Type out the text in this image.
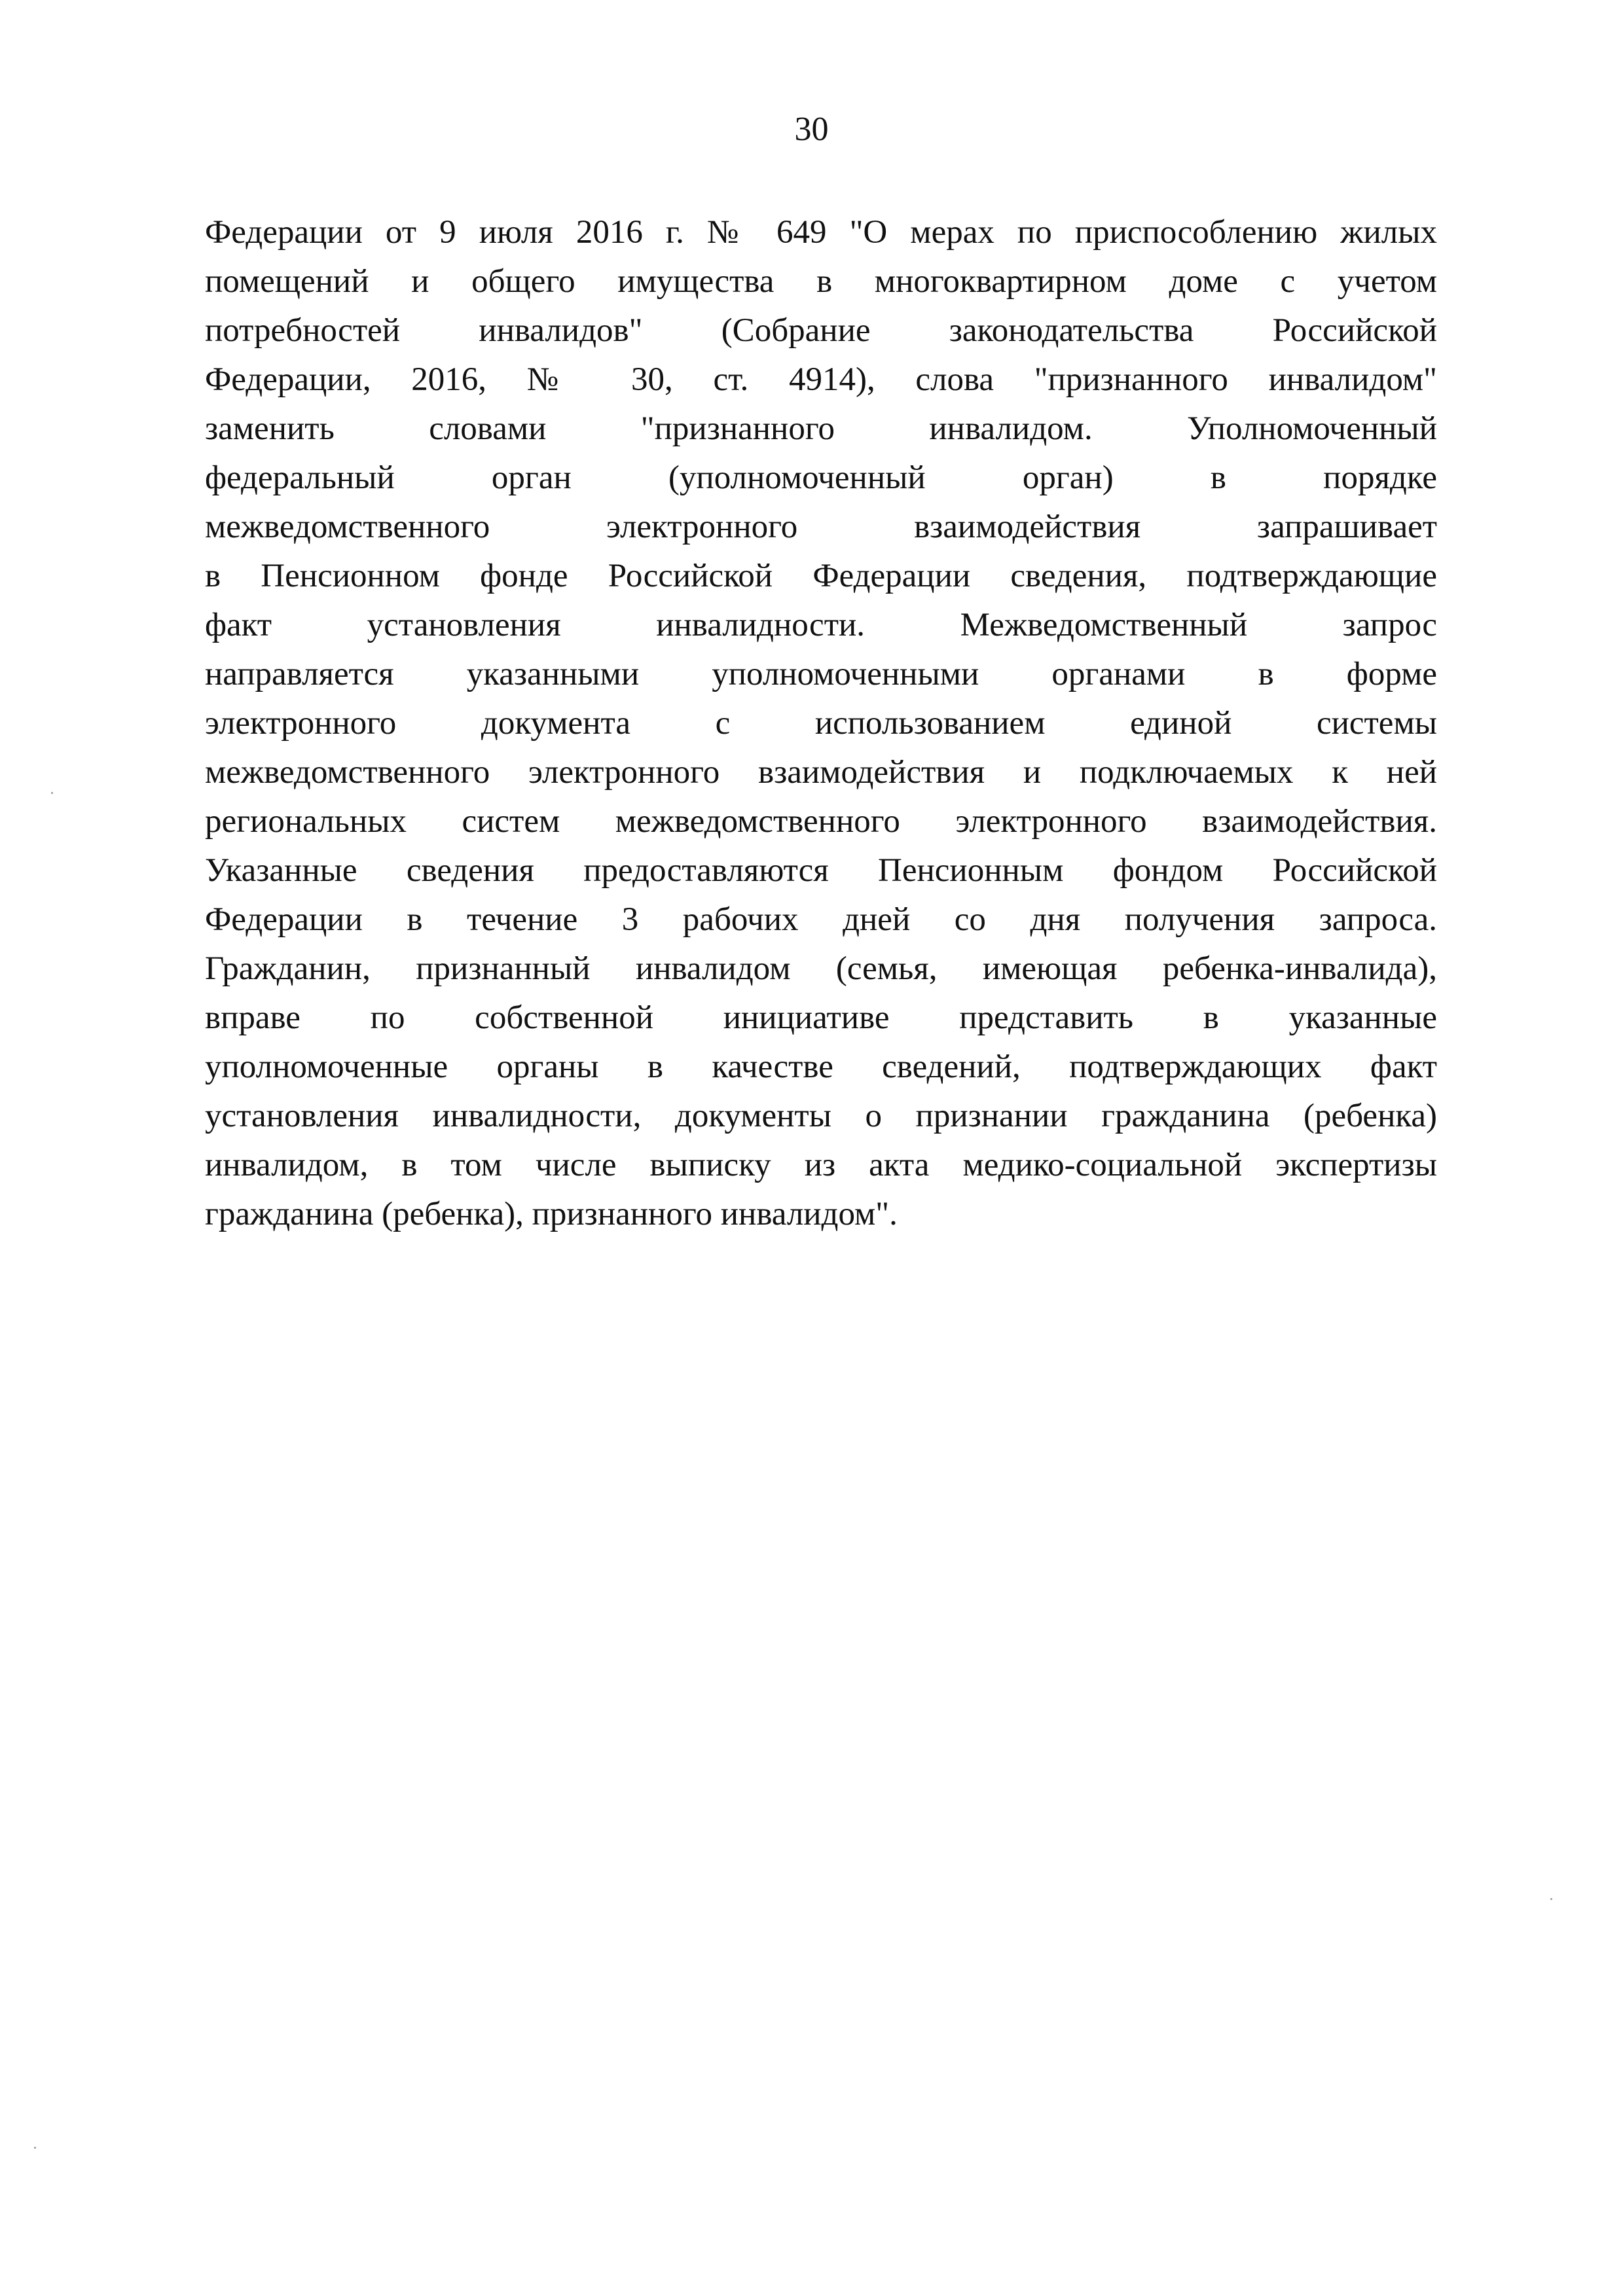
30
Федерации от 9 июля 2016 г. № 649 "О мерах по приспособлению жилых
помещений и общего имущества в многоквартирном доме с учетом
потребностей инвалидов" (Собрание законодательства Российской
Федерации, 2016, № 30, ст. 4914), слова "признанного инвалидом"
заменить словами "признанного инвалидом. Уполномоченный
федеральный орган (уполномоченный орган) в порядке
межведомственного электронного взаимодействия запрашивает
в Пенсионном фонде Российской Федерации сведения, подтверждающие
факт установления инвалидности. Межведомственный запрос
направляется указанными уполномоченными органами в форме
электронного документа с использованием единой системы
межведомственного электронного взаимодействия и подключаемых к ней
региональных систем межведомственного электронного взаимодействия.
Указанные сведения предоставляются Пенсионным фондом Российской
Федерации в течение 3 рабочих дней со дня получения запроса.
Гражданин, признанный инвалидом (семья, имеющая ребенка-инвалида),
вправе по собственной инициативе представить в указанные
уполномоченные органы в качестве сведений, подтверждающих факт
установления инвалидности, документы о признании гражданина (ребенка)
инвалидом, в том числе выписку из акта медико-социальной экспертизы
гражданина (ребенка), признанного инвалидом".
